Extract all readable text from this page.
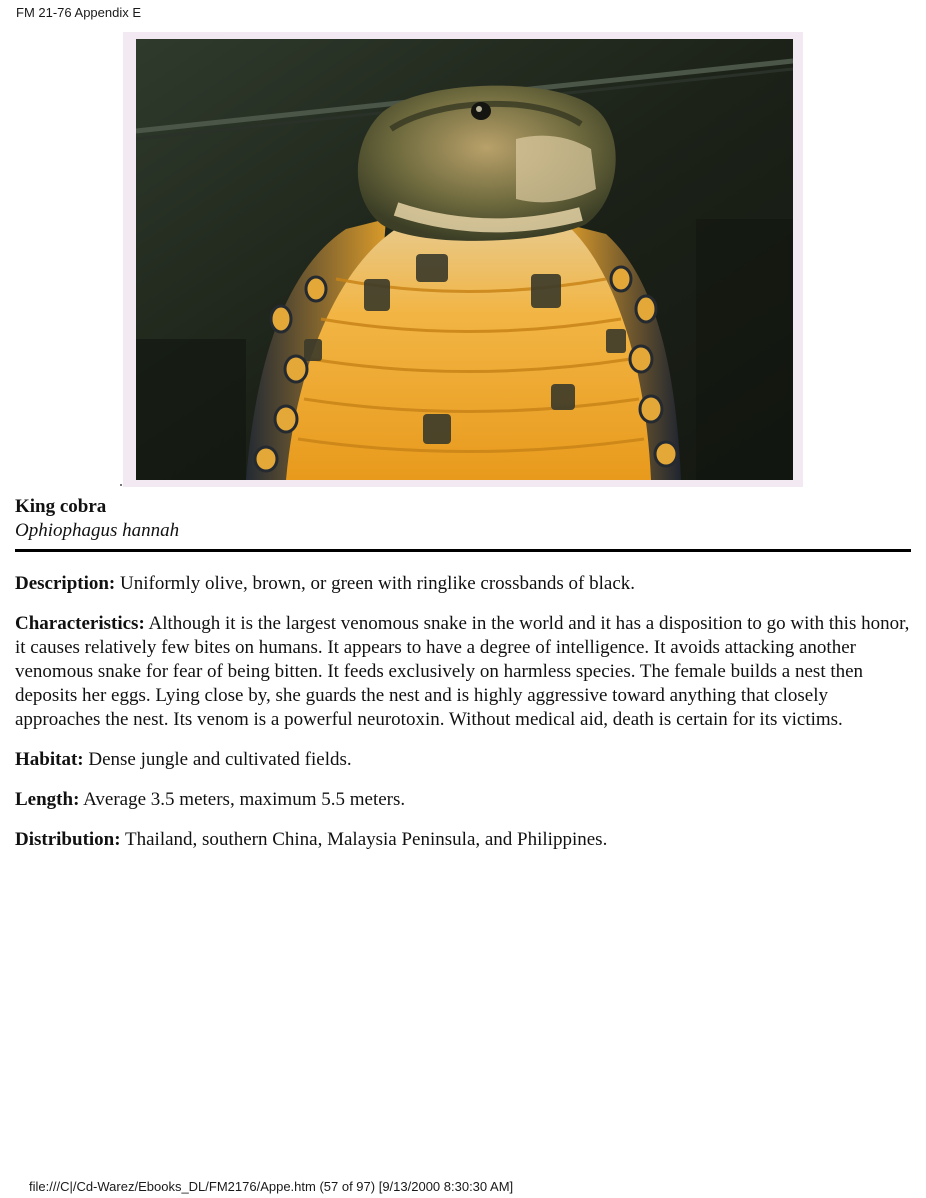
FM 21-76 Appendix E
King cobra
Ophiophagus hannah

Description: Uniformly olive, brown, or green with ringlike crossbands of black.

Characteristics: Although it is the largest venomous snake in the world and it has a disposition to go with this honor, it causes relatively few bites on humans. It appears to have a degree of intelligence. It avoids attacking another venomous snake for fear of being bitten. It feeds exclusively on harmless species. The female builds a nest then deposits her eggs. Lying close by, she guards the nest and is highly aggressive toward anything that closely approaches the nest. Its venom is a powerful neurotoxin. Without medical aid, death is certain for its victims.

Habitat: Dense jungle and cultivated fields.

Length: Average 3.5 meters, maximum 5.5 meters.

Distribution: Thailand, southern China, Malaysia Peninsula, and Philippines.

file:///C|/Cd-Warez/Ebooks_DL/FM2176/Appe.htm (57 of 97) [9/13/2000 8:30:30 AM]
